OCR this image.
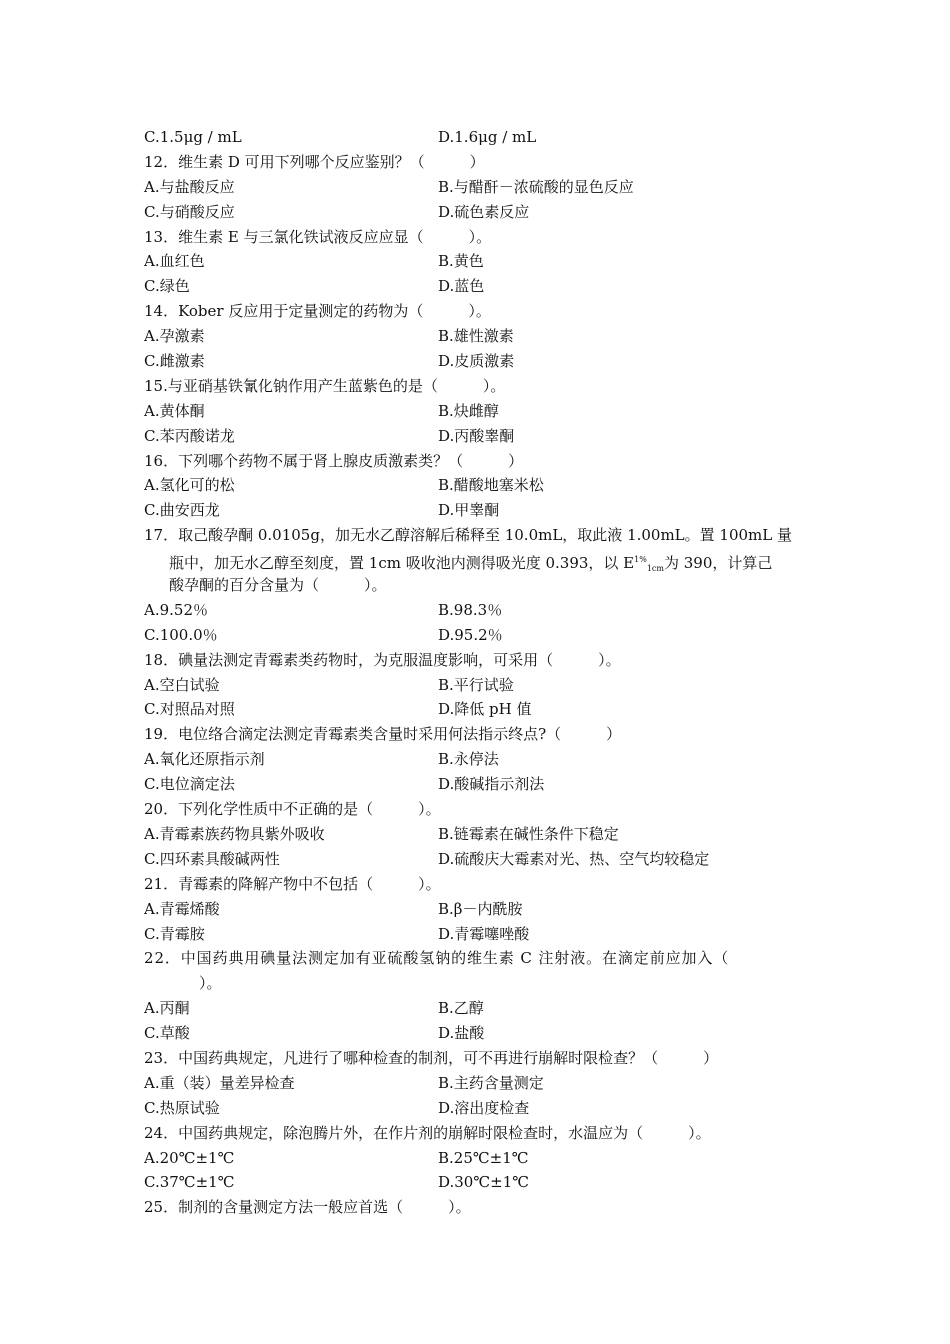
C.1.5μg / mL	D.1.6μg / mL
12．维生素 D 可用下列哪个反应鉴别？（　　　）
A.与盐酸反应	B.与醋酐－浓硫酸的显色反应
C.与硝酸反应	D.硫色素反应
13．维生素 E 与三氯化铁试液反应应显（　　　）。
A.血红色	B.黄色
C.绿色	D.蓝色
14．Kober 反应用于定量测定的药物为（　　　）。
A.孕激素	B.雄性激素
C.雌激素	D.皮质激素
15.与亚硝基铁氰化钠作用产生蓝紫色的是（　　　）。
A.黄体酮	B.炔雌醇
C.苯丙酸诺龙	D.丙酸睾酮
16．下列哪个药物不属于肾上腺皮质激素类？（　　　）
A.氢化可的松	B.醋酸地塞米松
C.曲安西龙	D.甲睾酮
17．取己酸孕酮 0.0105g，加无水乙醇溶解后稀释至 10.0mL，取此液 1.00mL。置 100mL 量
瓶中，加无水乙醇至刻度，置 1cm 吸收池内测得吸光度 0.393，以 $E^{1\%}_{1cm}$为 390，计算己
酸孕酮的百分含量为（　　　）。
A.9.52％	B.98.3％
C.100.0％	D.95.2％
18．碘量法测定青霉素类药物时，为克服温度影响，可采用（　　　）。
A.空白试验	B.平行试验
C.对照品对照	D.降低 pH 值
19．电位络合滴定法测定青霉素类含量时采用何法指示终点?（　　　）
A.氧化还原指示剂	B.永停法
C.电位滴定法	D.酸碱指示剂法
20．下列化学性质中不正确的是（　　　）。
A.青霉素族药物具紫外吸收	B.链霉素在碱性条件下稳定
C.四环素具酸碱两性	D.硫酸庆大霉素对光、热、空气均较稳定
21．青霉素的降解产物中不包括（　　　）。
A.青霉烯酸	B.β－内酰胺
C.青霉胺	D.青霉噻唑酸
22．中国药典用碘量法测定加有亚硫酸氢钠的维生素 C 注射液。在滴定前应加入（
　　）。
A.丙酮	B.乙醇
C.草酸	D.盐酸
23．中国药典规定，凡进行了哪种检查的制剂，可不再进行崩解时限检查？（　　　）
A.重（装）量差异检查	B.主药含量测定
C.热原试验	D.溶出度检查
24．中国药典规定，除泡腾片外，在作片剂的崩解时限检查时，水温应为（　　　）。
A.20℃±1℃	B.25℃±1℃
C.37℃±1℃	D.30℃±1℃
25．制剂的含量测定方法一般应首选（　　　）。
